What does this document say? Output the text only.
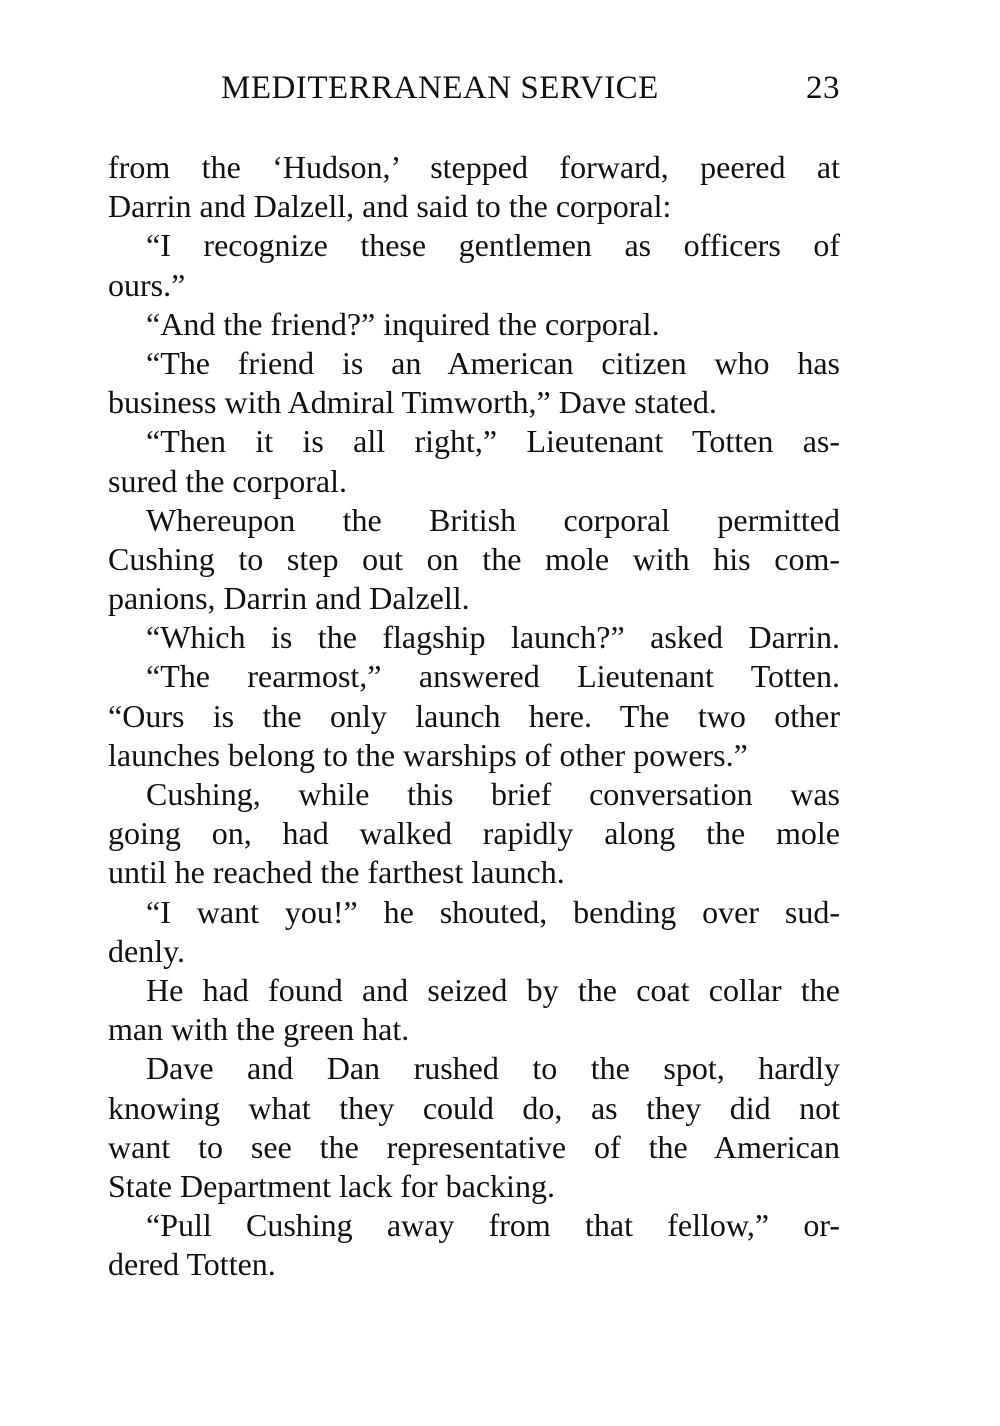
MEDITERRANEAN SERVICE	23
from the ‘Hudson,’ stepped forward, peered at
Darrin and Dalzell, and said to the corporal:
“I recognize these gentlemen as officers of
ours.”
“And the friend?” inquired the corporal.
“The friend is an American citizen who has
business with Admiral Timworth,” Dave stated.
“Then it is all right,” Lieutenant Totten as-
sured the corporal.
Whereupon the British corporal permitted
Cushing to step out on the mole with his com-
panions, Darrin and Dalzell.
“Which is the flagship launch?” asked Darrin.
“The rearmost,” answered Lieutenant Totten.
“Ours is the only launch here. The two other
launches belong to the warships of other powers.”
Cushing, while this brief conversation was
going on, had walked rapidly along the mole
until he reached the farthest launch.
“I want you!” he shouted, bending over sud-
denly.
He had found and seized by the coat collar the
man with the green hat.
Dave and Dan rushed to the spot, hardly
knowing what they could do, as they did not
want to see the representative of the American
State Department lack for backing.
“Pull Cushing away from that fellow,” or-
dered Totten.
